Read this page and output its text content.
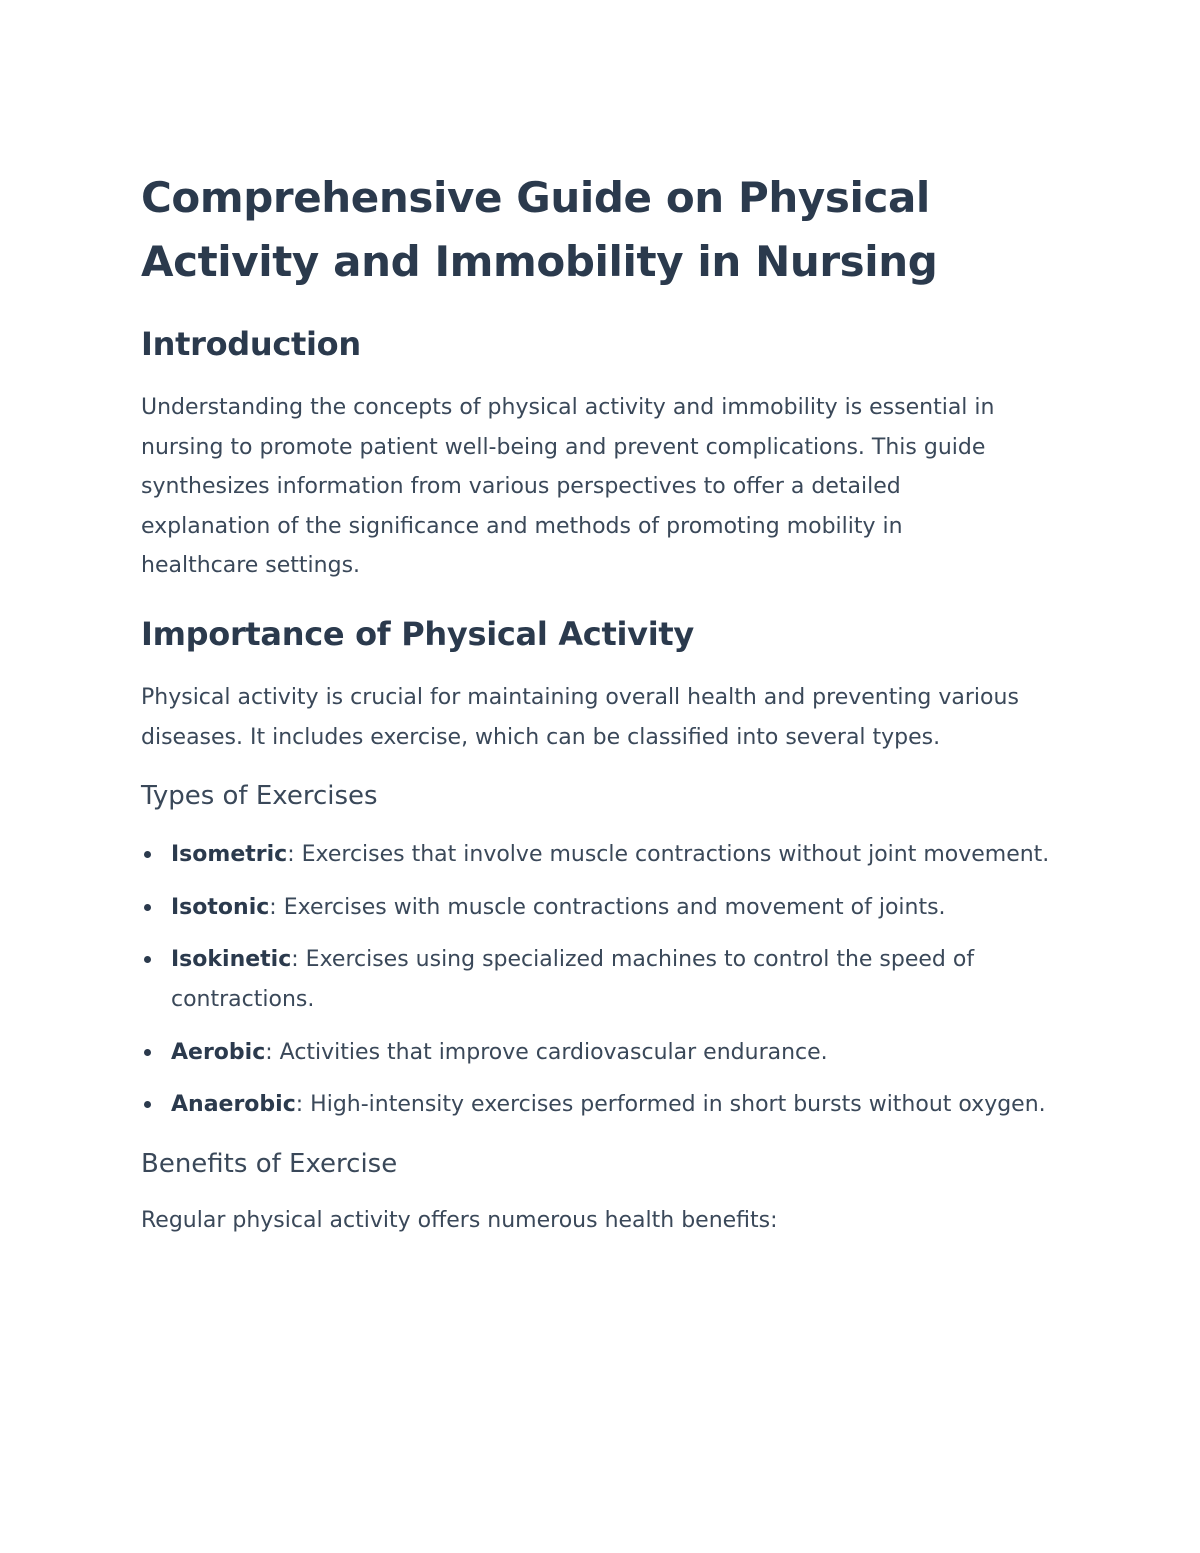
Comprehensive Guide on Physical Activity and Immobility in Nursing
Introduction

Understanding the concepts of physical activity and immobility is essential in nursing to promote patient well-being and prevent complications. This guide synthesizes information from various perspectives to offer a detailed explanation of the significance and methods of promoting mobility in healthcare settings.

Importance of Physical Activity

Physical activity is crucial for maintaining overall health and preventing various diseases. It includes exercise, which can be classified into several types.

Types of Exercises
Isometric: Exercises that involve muscle contractions without joint movement.
Isotonic: Exercises with muscle contractions and movement of joints.
Isokinetic: Exercises using specialized machines to control the speed of contractions.
Aerobic: Activities that improve cardiovascular endurance.
Anaerobic: High-intensity exercises performed in short bursts without oxygen.
Benefits of Exercise

Regular physical activity offers numerous health benefits:
